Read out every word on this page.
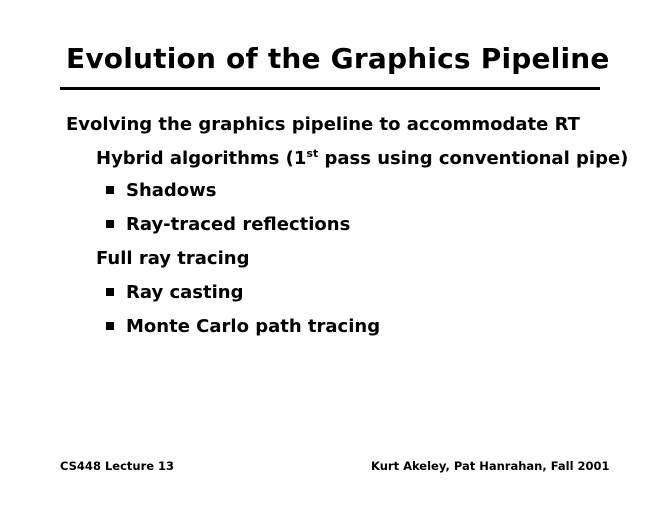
Evolution of the Graphics Pipeline
Evolving the graphics pipeline to accommodate RT
Hybrid algorithms (1st pass using conventional pipe)
Shadows
Ray-traced reflections
Full ray tracing
Ray casting
Monte Carlo path tracing
CS448 Lecture 13	Kurt Akeley, Pat Hanrahan, Fall 2001
